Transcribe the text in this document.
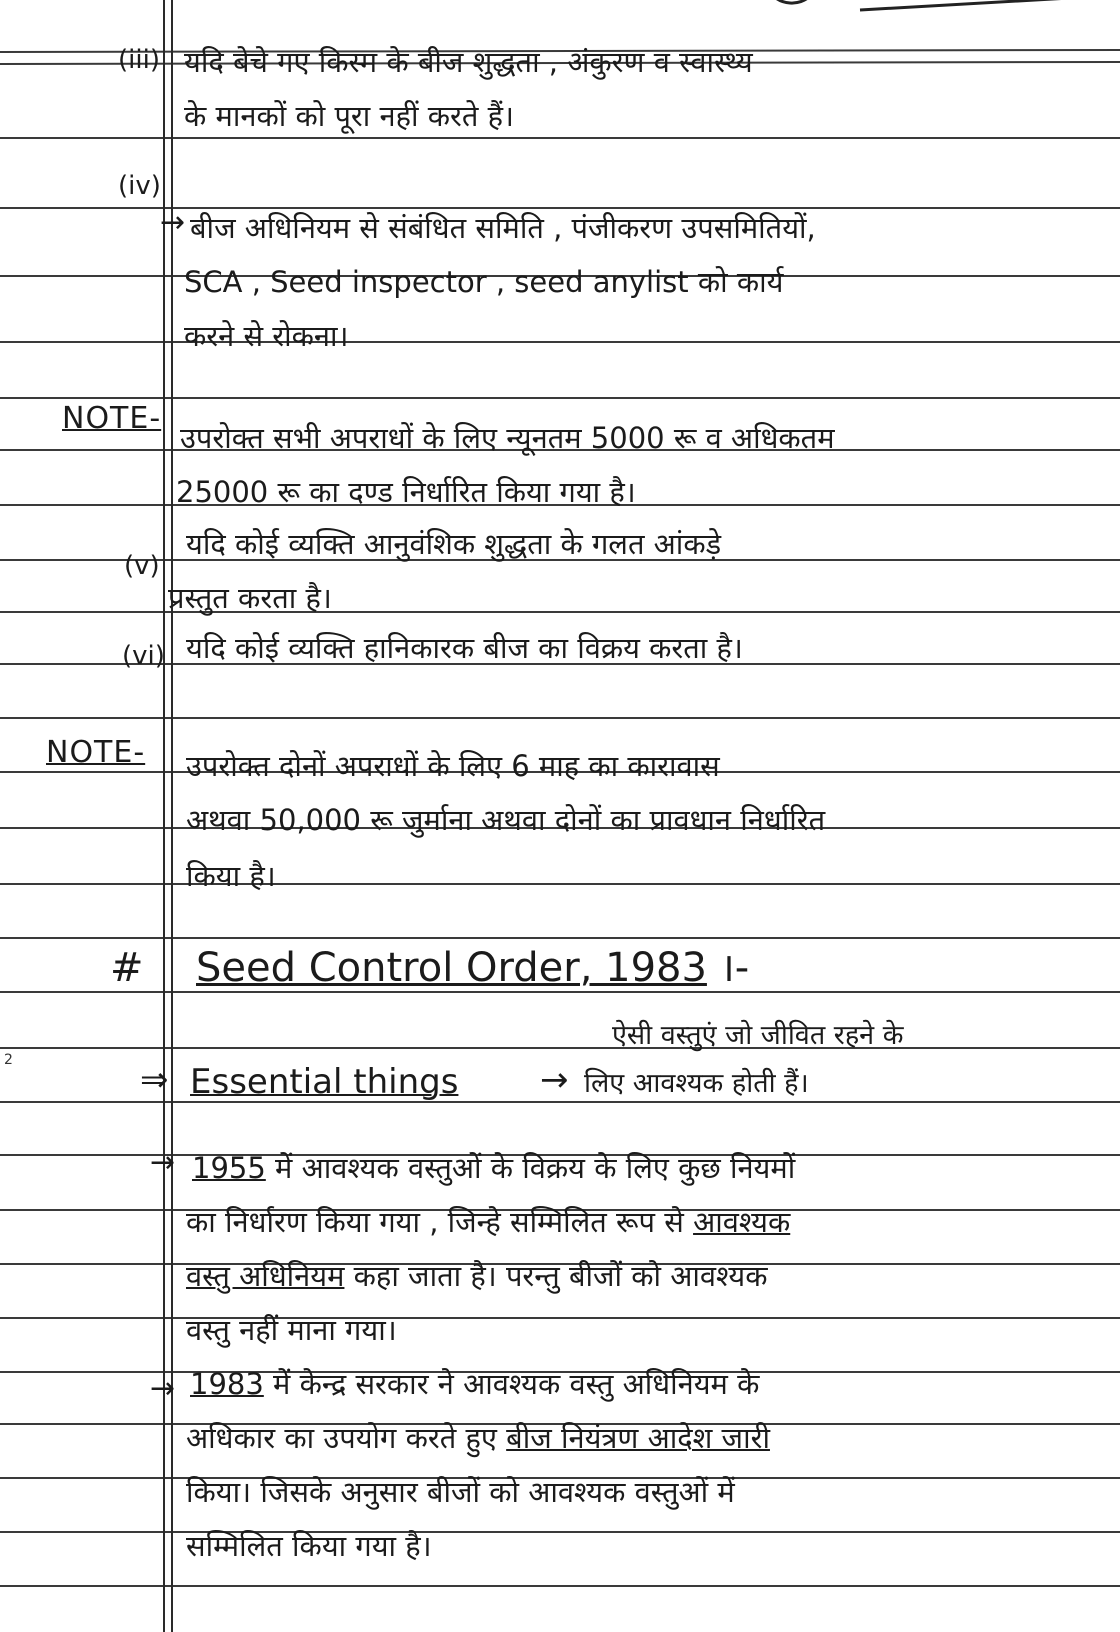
(iii) यदि बेचे गए किस्म के बीज शुद्धता , अंकुरण व स्वास्थ्य
के मानकों को पूरा नहीं करते हैं।
(iv)
→ बीज अधिनियम से संबंधित समिति , पंजीकरण उपसमितियों,
SCA , Seed inspector , seed anylist को कार्य
करने से रोकना।
NOTE-
उपरोक्त सभी अपराधों के लिए न्यूनतम 5000 रू व अधिकतम
25000 रू का दण्ड निर्धारित किया गया है।
(v)
यदि कोई व्यक्ति आनुवंशिक शुद्धता के गलत आंकड़े
प्रस्तुत करता है।
(vi) यदि कोई व्यक्ति हानिकारक बीज का विक्रय करता है।
NOTE- उपरोक्त दोनों अपराधों के लिए 6 माह का कारावास
अथवा 50,000 रू जुर्माना अथवा दोनों का प्रावधान निर्धारित
किया है।
# Seed Control Order, 1983 ।-
2	⇒ Essential things →
ऐसी वस्तुएं जो जीवित रहने के
लिए आवश्यक होती हैं।
→ 1955 में आवश्यक वस्तुओं के विक्रय के लिए कुछ नियमों
का निर्धारण किया गया , जिन्हे सम्मिलित रूप से आवश्यक
वस्तु अधिनियम कहा जाता है। परन्तु बीजों को आवश्यक
वस्तु नहीं माना गया।
→ 1983 में केन्द्र सरकार ने आवश्यक वस्तु अधिनियम के
अधिकार का उपयोग करते हुए बीज नियंत्रण आदेश जारी
किया। जिसके अनुसार बीजों को आवश्यक वस्तुओं में
सम्मिलित किया गया है।
